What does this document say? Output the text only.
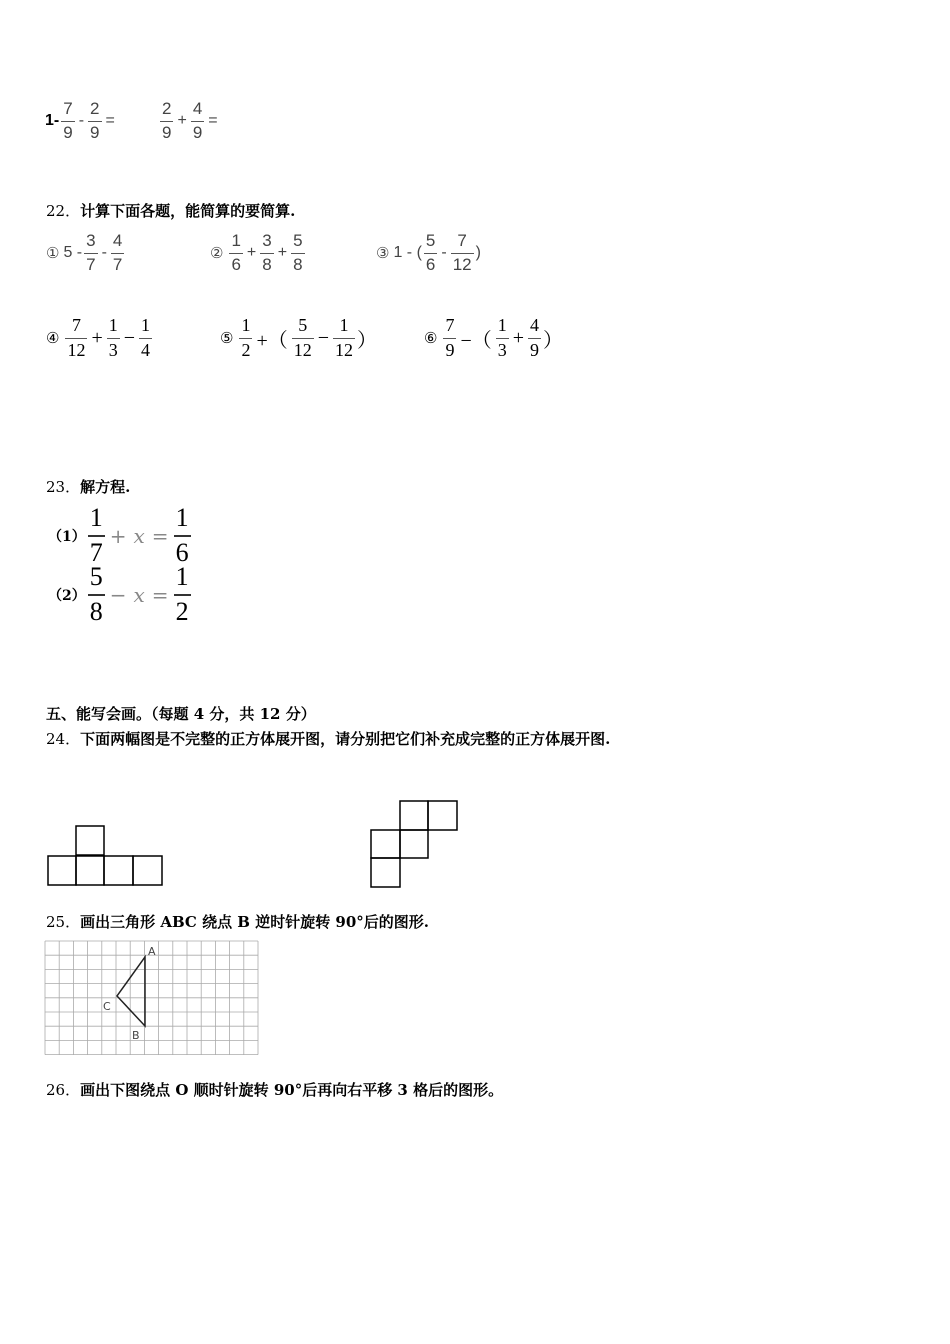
$1- \frac{7}{9} - \frac{2}{9}$ =	$\frac{2}{9} + \frac{4}{9}$ =
22．计算下面各题，能简算的要简算.
① $5 - \frac{3}{7} - \frac{4}{7}$	② $\frac{1}{6} + \frac{3}{8} + \frac{5}{8}$	③ 1 - ( $\frac{5}{6} - \frac{7}{12}$ )
④ $\frac{7}{12} + \frac{1}{3} - \frac{1}{4}$	⑤ $\frac{1}{2}$ +（ $\frac{5}{12} - \frac{1}{12}$ ）	⑥ $\frac{7}{9}$ −（ $\frac{1}{3} + \frac{4}{9}$ ）
23．解方程.
$(1) \frac{1}{7} + x = \frac{1}{6}$
$(2) \frac{5}{8} - x = \frac{1}{2}$
五、能写会画。（每题 4 分，共 12 分）
24．下面两幅图是不完整的正方体展开图，请分别把它们补充成完整的正方体展开图.
25．画出三角形 ABC 绕点 B 逆时针旋转 90°后的图形.
A
C
B
26．画出下图绕点 O 顺时针旋转 90°后再向右平移 3 格后的图形。
